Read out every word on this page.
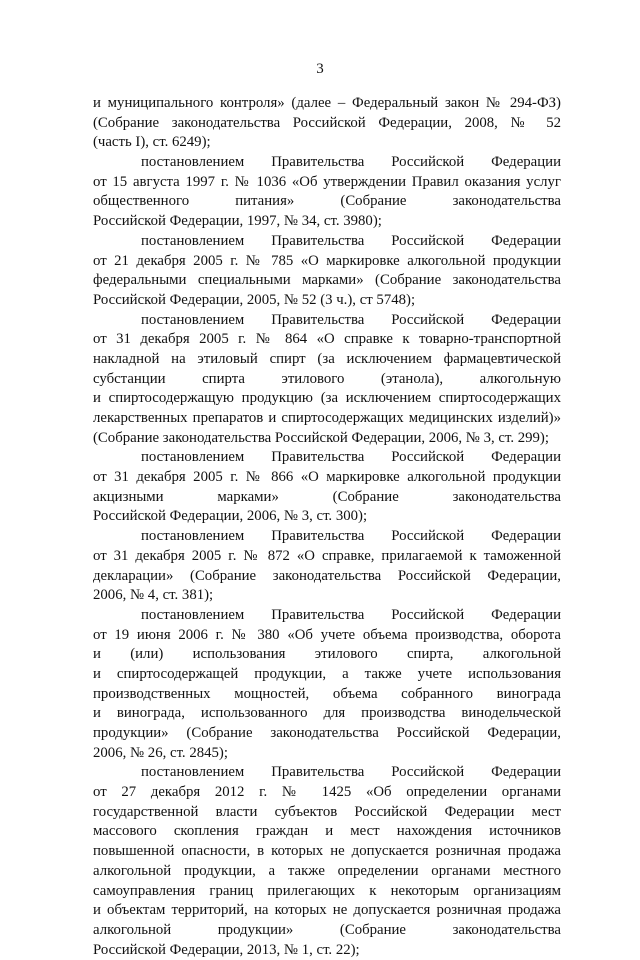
3
и муниципального контроля» (далее – Федеральный закон № 294-ФЗ)
(Собрание законодательства Российской Федерации, 2008, № 52
(часть I), ст. 6249);
постановлением Правительства Российской Федерации
от 15 августа 1997 г. № 1036 «Об утверждении Правил оказания услуг
общественного питания» (Собрание законодательства
Российской Федерации, 1997, № 34, ст. 3980);
постановлением Правительства Российской Федерации
от 21 декабря 2005 г. № 785 «О маркировке алкогольной продукции
федеральными специальными марками» (Собрание законодательства
Российской Федерации, 2005, № 52 (3 ч.), ст 5748);
постановлением Правительства Российской Федерации
от 31 декабря 2005 г. № 864 «О справке к товарно-транспортной
накладной на этиловый спирт (за исключением фармацевтической
субстанции спирта этилового (этанола), алкогольную
и спиртосодержащую продукцию (за исключением спиртосодержащих
лекарственных препаратов и спиртосодержащих медицинских изделий)»
(Собрание законодательства Российской Федерации, 2006, № 3, ст. 299);
постановлением Правительства Российской Федерации
от 31 декабря 2005 г. № 866 «О маркировке алкогольной продукции
акцизными марками» (Собрание законодательства
Российской Федерации, 2006, № 3, ст. 300);
постановлением Правительства Российской Федерации
от 31 декабря 2005 г. № 872 «О справке, прилагаемой к таможенной
декларации» (Собрание законодательства Российской Федерации,
2006, № 4, ст. 381);
постановлением Правительства Российской Федерации
от 19 июня 2006 г. № 380 «Об учете объема производства, оборота
и (или) использования этилового спирта, алкогольной
и спиртосодержащей продукции, а также учете использования
производственных мощностей, объема собранного винограда
и винограда, использованного для производства винодельческой
продукции» (Собрание законодательства Российской Федерации,
2006, № 26, ст. 2845);
постановлением Правительства Российской Федерации
от 27 декабря 2012 г. № 1425 «Об определении органами
государственной власти субъектов Российской Федерации мест
массового скопления граждан и мест нахождения источников
повышенной опасности, в которых не допускается розничная продажа
алкогольной продукции, а также определении органами местного
самоуправления границ прилегающих к некоторым организациям
и объектам территорий, на которых не допускается розничная продажа
алкогольной продукции» (Собрание законодательства
Российской Федерации, 2013, № 1, ст. 22);
